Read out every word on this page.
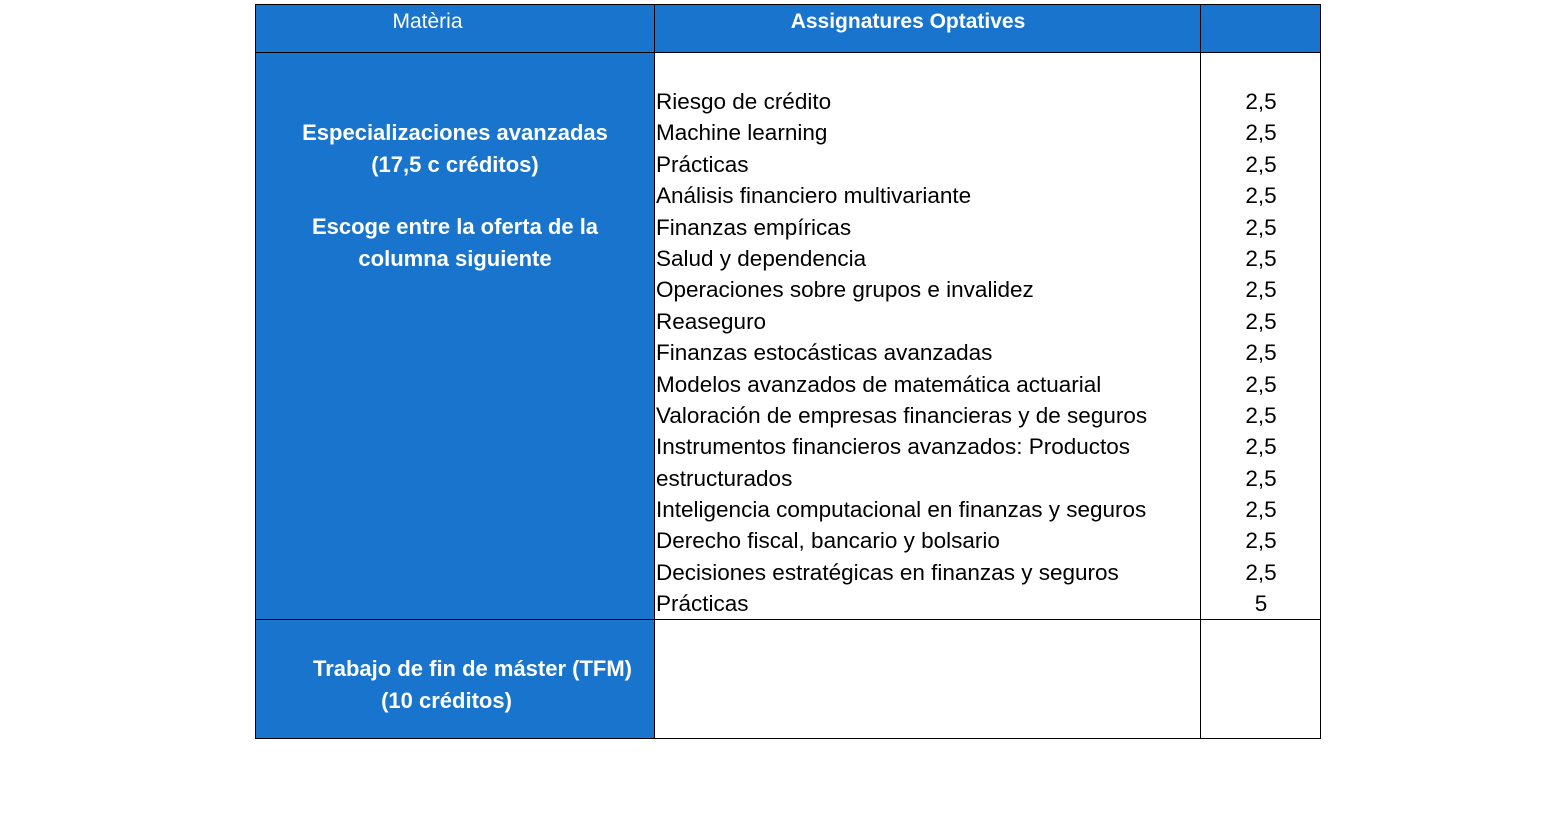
Matèria	Assignatures Optatives
Especializaciones avanzadas
(17,5 c créditos)
Escoge entre la oferta de la
columna siguiente
Riesgo de crédito
Machine learning
Prácticas
Análisis financiero multivariante
Finanzas empíricas
Salud y dependencia
Operaciones sobre grupos e invalidez
Reaseguro
Finanzas estocásticas avanzadas
Modelos avanzados de matemática actuarial
Valoración de empresas financieras y de seguros
Instrumentos financieros avanzados: Productos
estructurados
Inteligencia computacional en finanzas y seguros
Derecho fiscal, bancario y bolsario
Decisiones estratégicas en finanzas y seguros
Prácticas
2,5
2,5
2,5
2,5
2,5
2,5
2,5
2,5
2,5
2,5
2,5
2,5
2,5
2,5
2,5
2,5
5
Trabajo de fin de máster (TFM)
(10 créditos)
